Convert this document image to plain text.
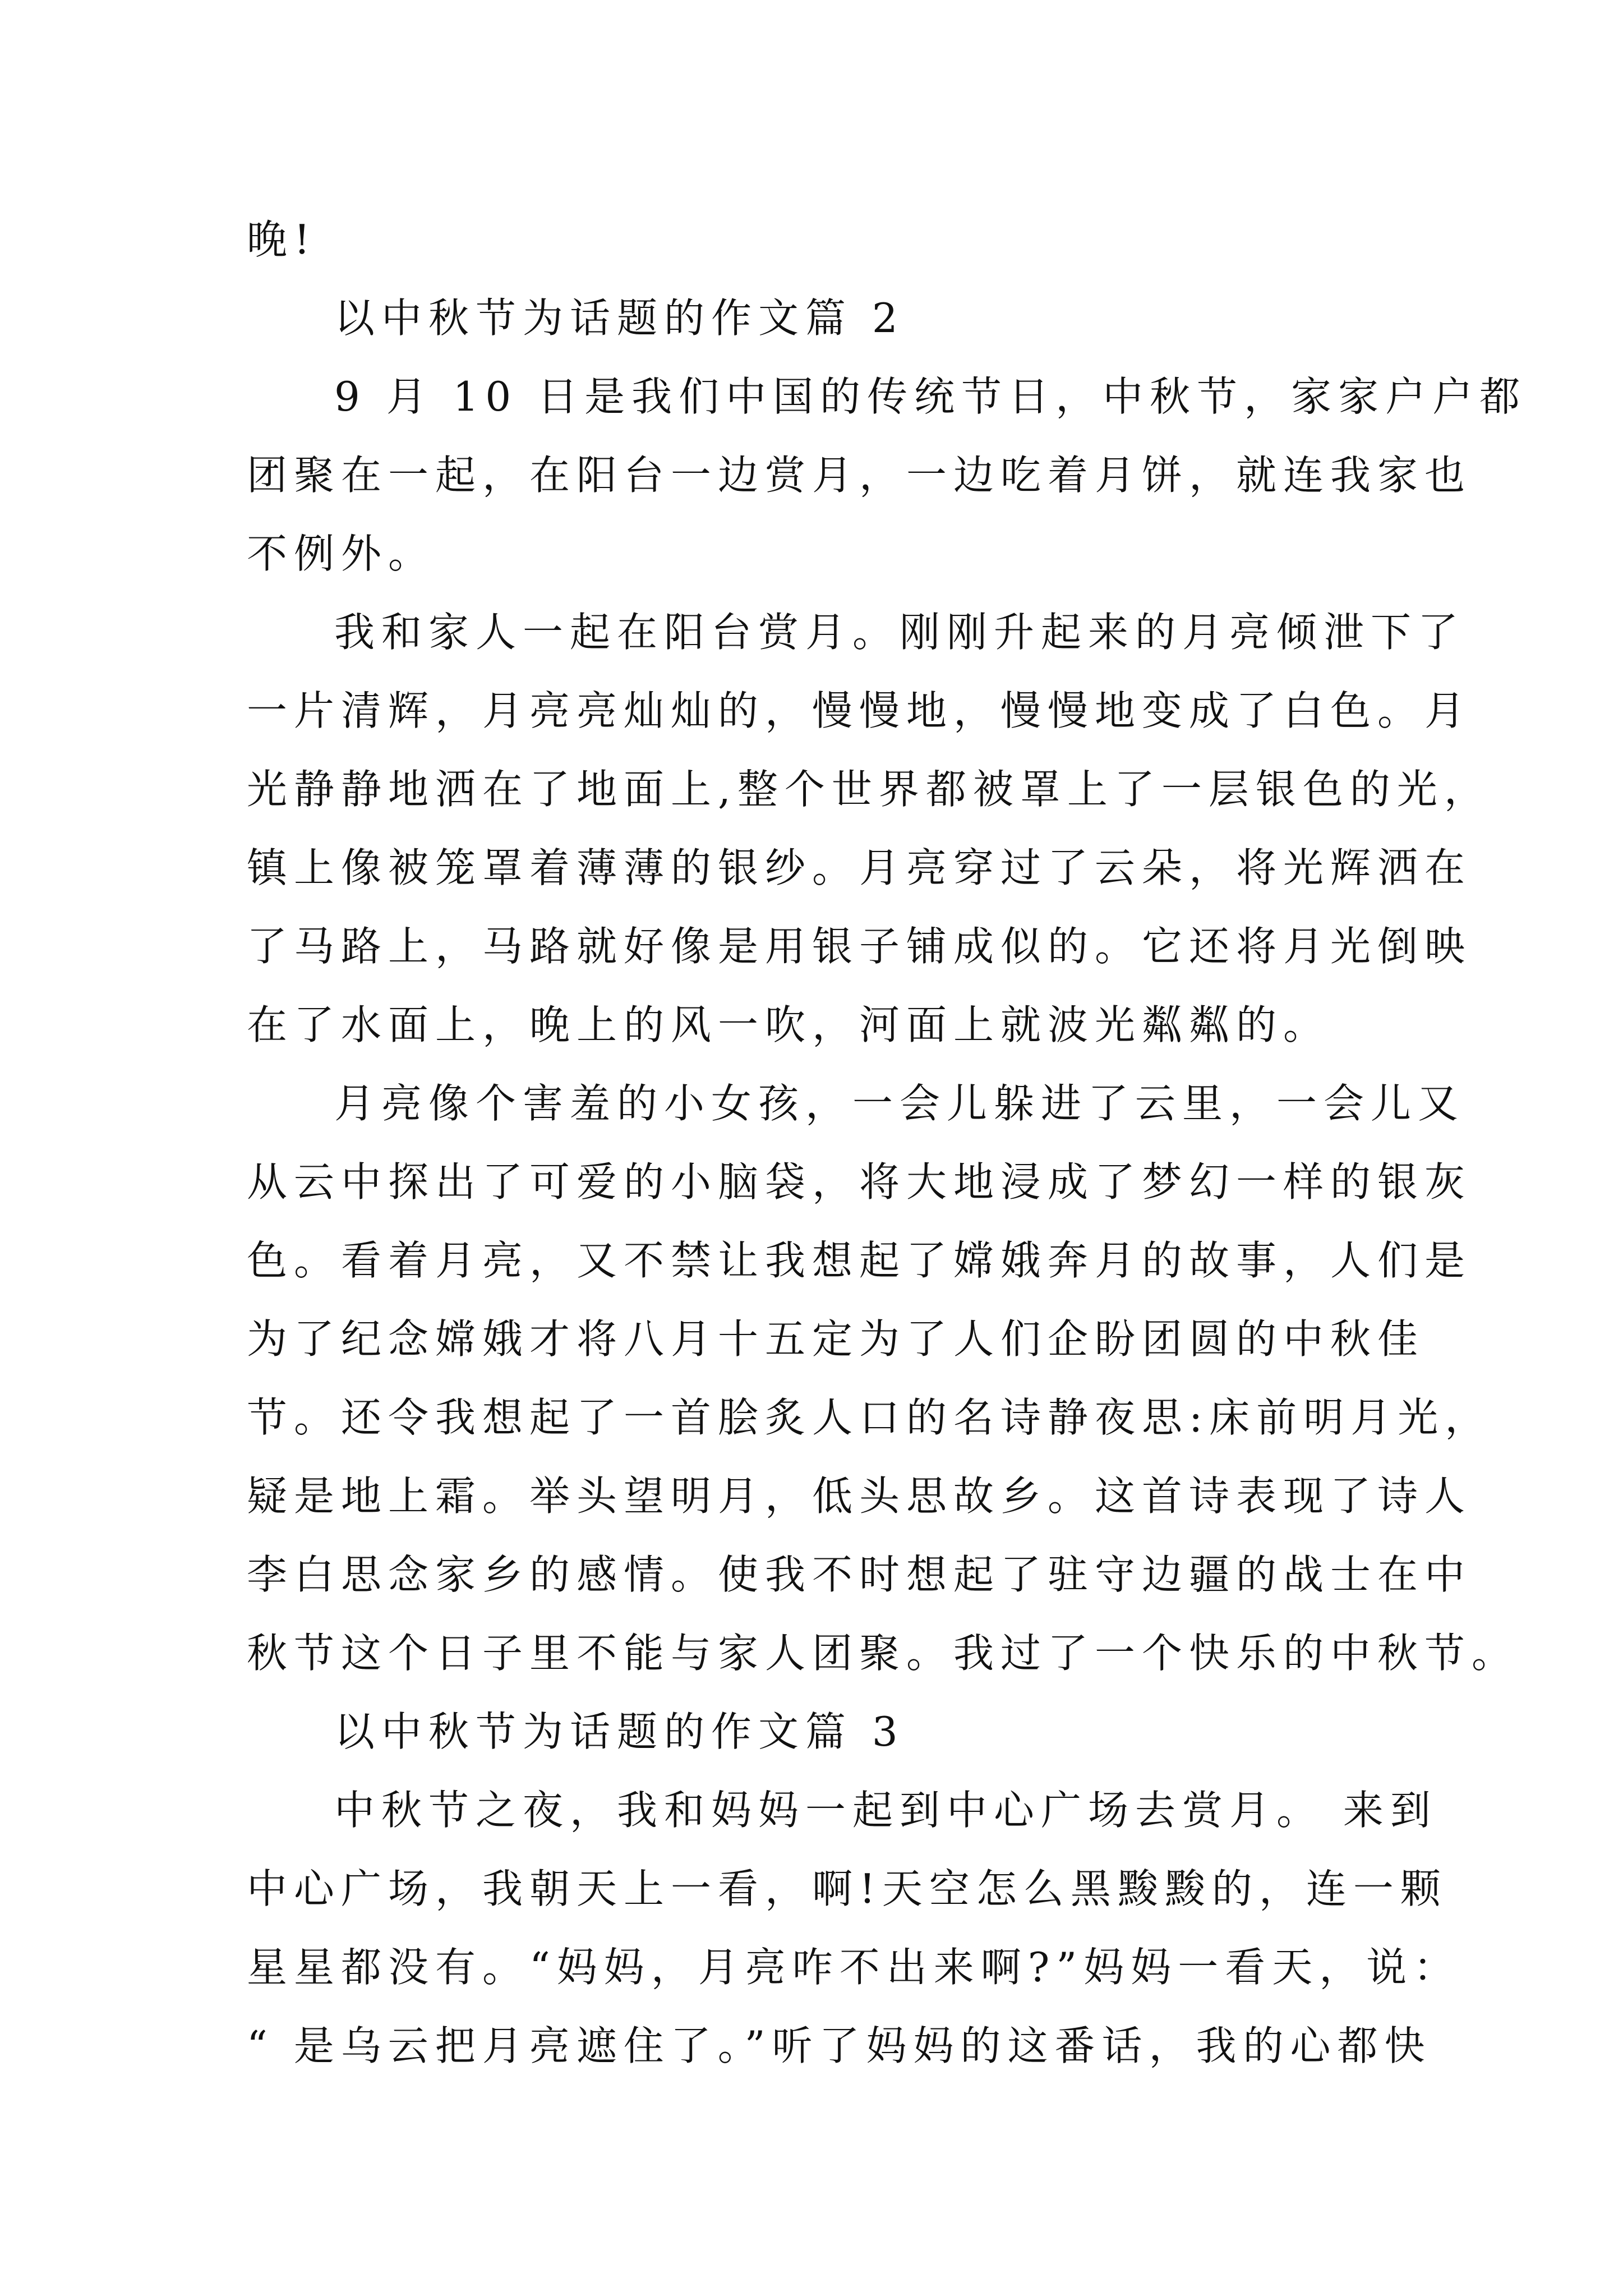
晚!

以中秋节为话题的作文篇 2

9 月 10 日是我们中国的传统节日，中秋节，家家户户都

团聚在一起，在阳台一边赏月，一边吃着月饼，就连我家也

不例外。

我和家人一起在阳台赏月。刚刚升起来的月亮倾泄下了

一片清辉，月亮亮灿灿的，慢慢地，慢慢地变成了白色。月

光静静地洒在了地面上,整个世界都被罩上了一层银色的光，

镇上像被笼罩着薄薄的银纱。月亮穿过了云朵，将光辉洒在

了马路上，马路就好像是用银子铺成似的。它还将月光倒映

在了水面上，晚上的风一吹，河面上就波光粼粼的。

月亮像个害羞的小女孩，一会儿躲进了云里，一会儿又

从云中探出了可爱的小脑袋，将大地浸成了梦幻一样的银灰

色。看着月亮，又不禁让我想起了嫦娥奔月的故事，人们是

为了纪念嫦娥才将八月十五定为了人们企盼团圆的中秋佳

节。还令我想起了一首脍炙人口的名诗静夜思:床前明月光，

疑是地上霜。举头望明月，低头思故乡。这首诗表现了诗人

李白思念家乡的感情。使我不时想起了驻守边疆的战士在中

秋节这个日子里不能与家人团聚。我过了一个快乐的中秋节。

以中秋节为话题的作文篇 3

中秋节之夜，我和妈妈一起到中心广场去赏月。 来到

中心广场，我朝天上一看，啊!天空怎么黑黢黢的，连一颗

星星都没有。“妈妈，月亮咋不出来啊?”妈妈一看天，说：

“ 是乌云把月亮遮住了。”听了妈妈的这番话，我的心都快
